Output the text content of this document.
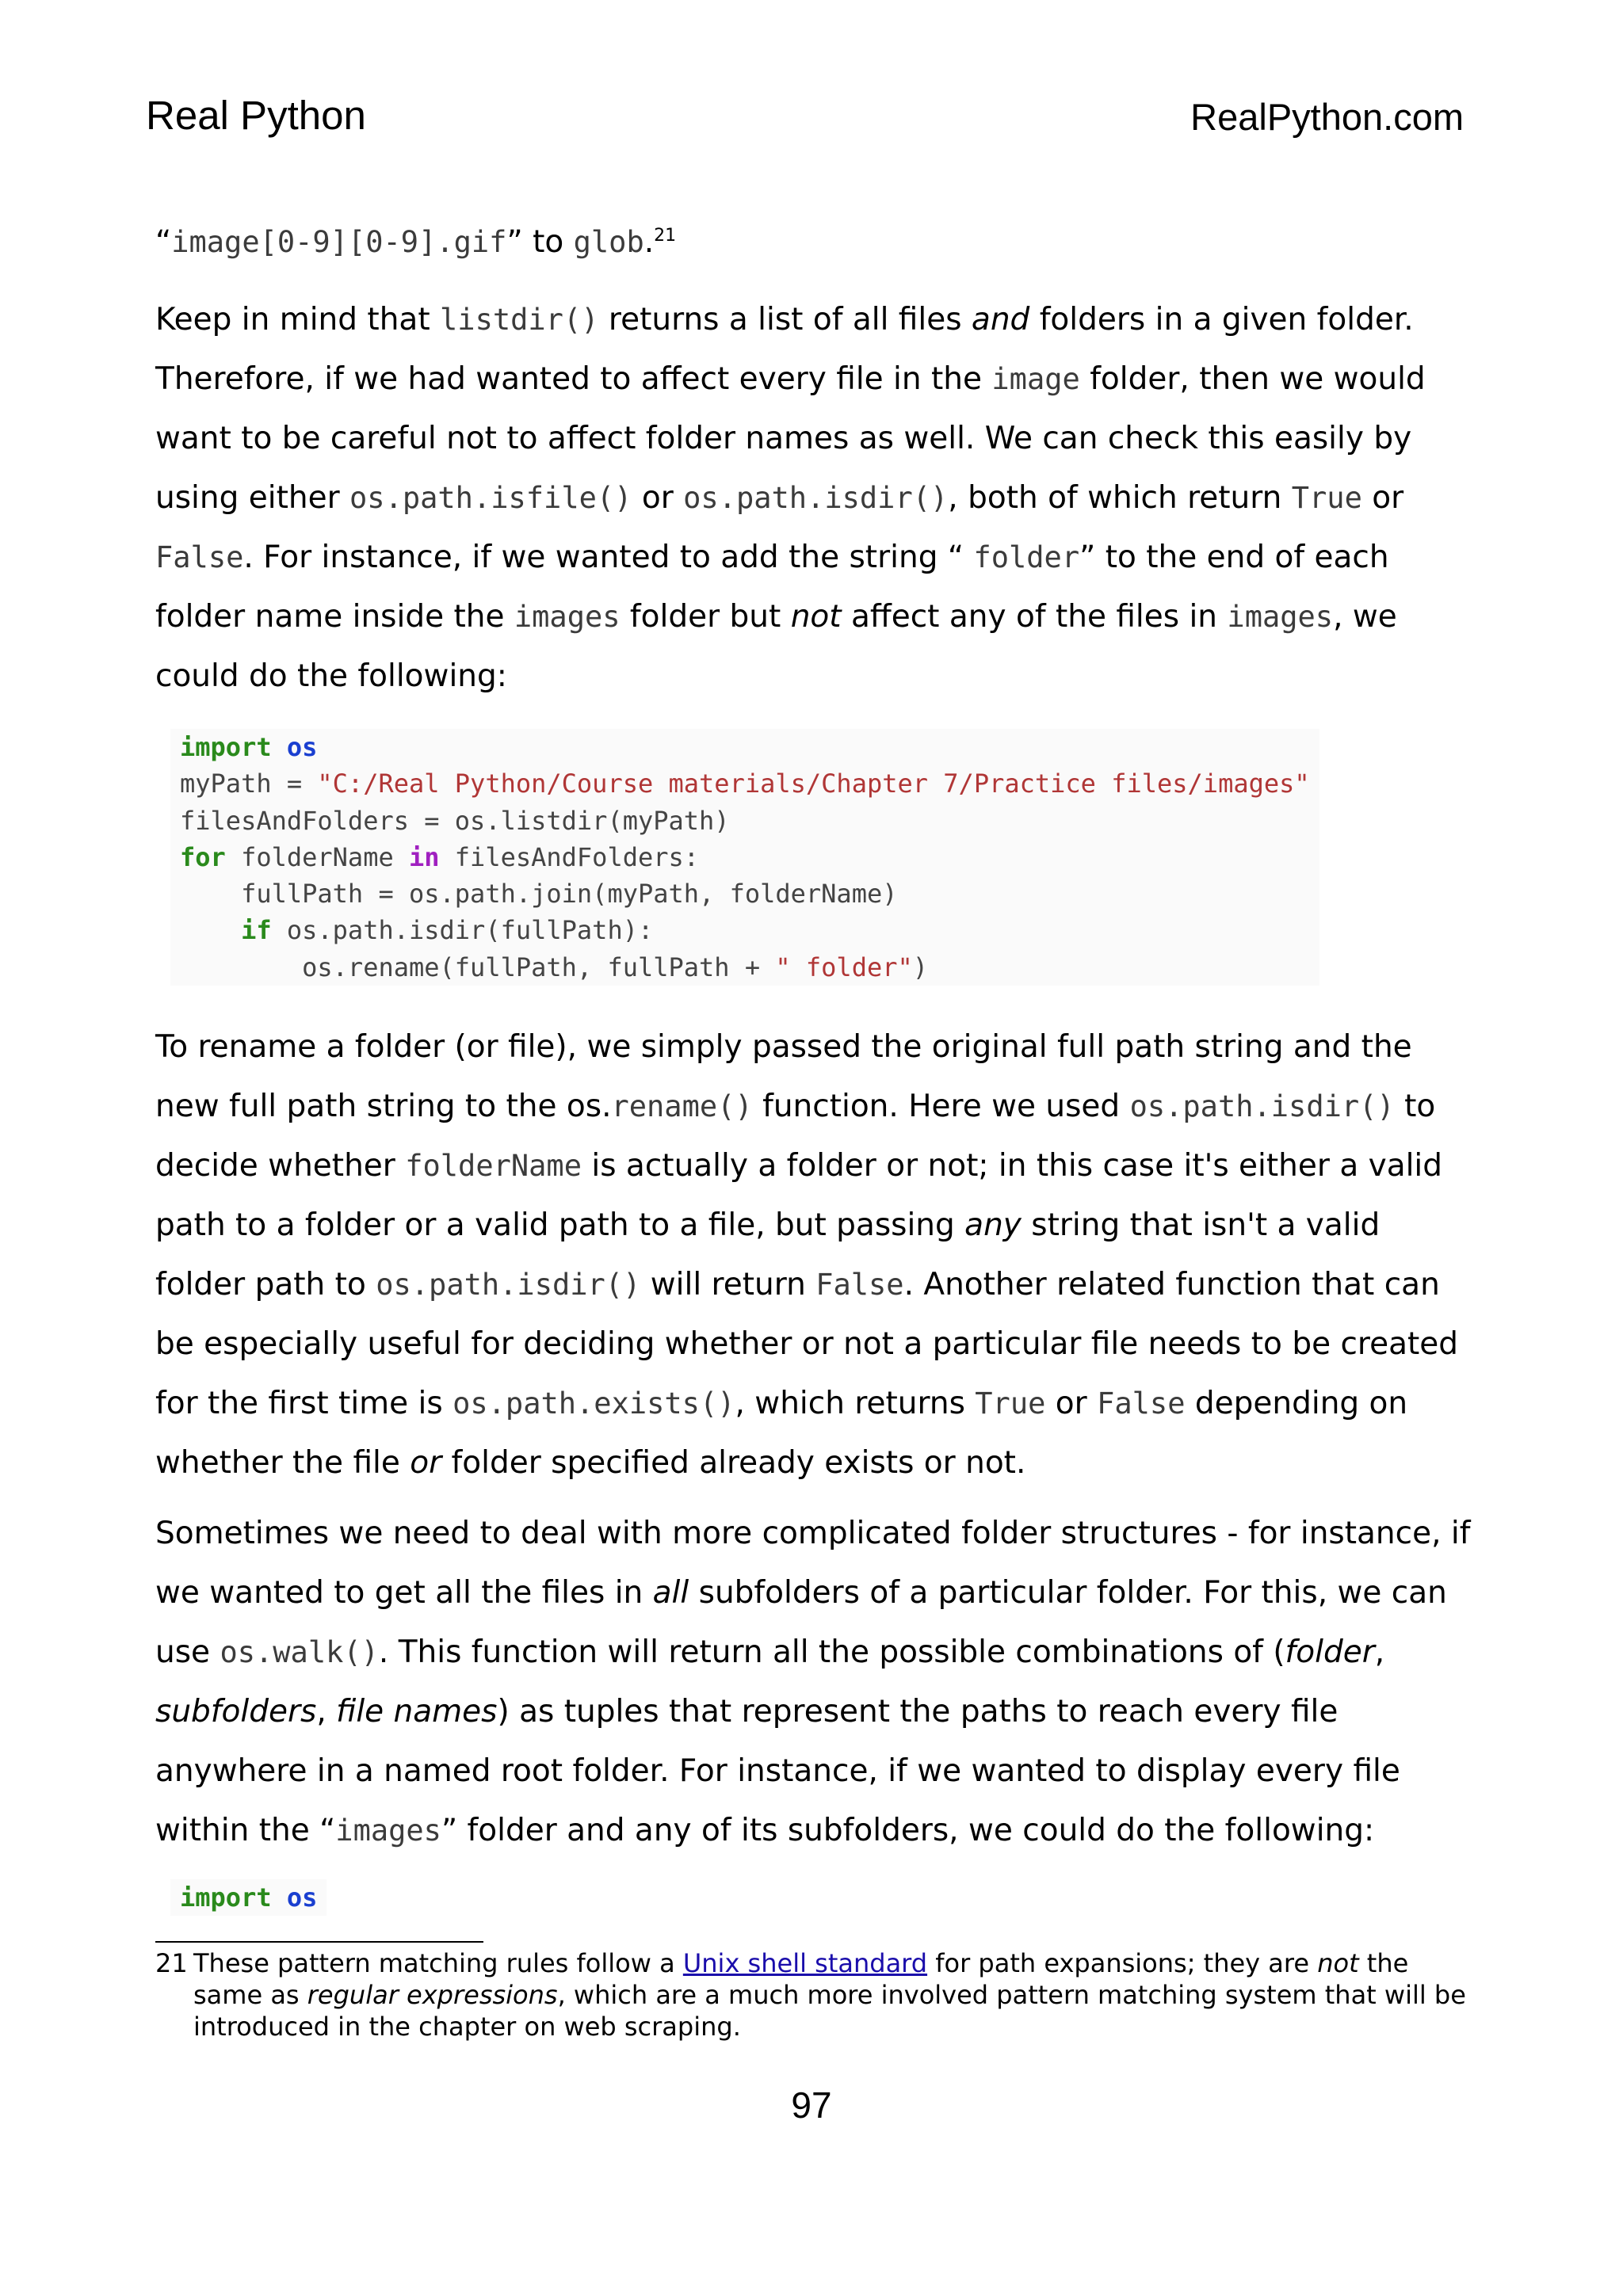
Real Python	RealPython.com

“image[0-9][0-9].gif” to glob.$^{21}$

Keep in mind that listdir() returns a list of all files and folders in a given folder. Therefore, if we had wanted to affect every file in the image folder, then we would want to be careful not to affect folder names as well. We can check this easily by using either os.path.isfile() or os.path.isdir(), both of which return True or False. For instance, if we wanted to add the string “ folder” to the end of each folder name inside the images folder but not affect any of the files in images, we could do the following:

import os
myPath = "C:/Real Python/Course materials/Chapter 7/Practice files/images"
filesAndFolders = os.listdir(myPath)
for folderName in filesAndFolders:
fullPath = os.path.join(myPath, folderName)
if os.path.isdir(fullPath):
os.rename(fullPath, fullPath + " folder")

To rename a folder (or file), we simply passed the original full path string and the new full path string to the os.rename() function. Here we used os.path.isdir() to decide whether folderName is actually a folder or not; in this case it's either a valid path to a folder or a valid path to a file, but passing any string that isn't a valid folder path to os.path.isdir() will return False. Another related function that can be especially useful for deciding whether or not a particular file needs to be created for the first time is os.path.exists(), which returns True or False depending on whether the file or folder specified already exists or not.

Sometimes we need to deal with more complicated folder structures - for instance, if we wanted to get all the files in all subfolders of a particular folder. For this, we can use os.walk(). This function will return all the possible combinations of (folder, subfolders, file names) as tuples that represent the paths to reach every file anywhere in a named root folder. For instance, if we wanted to display every file within the “images” folder and any of its subfolders, we could do the following:

import os
21 These pattern matching rules follow a Unix shell standard for path expansions; they are not the same as regular expressions, which are a much more involved pattern matching system that will be introduced in the chapter on web scraping.
97
